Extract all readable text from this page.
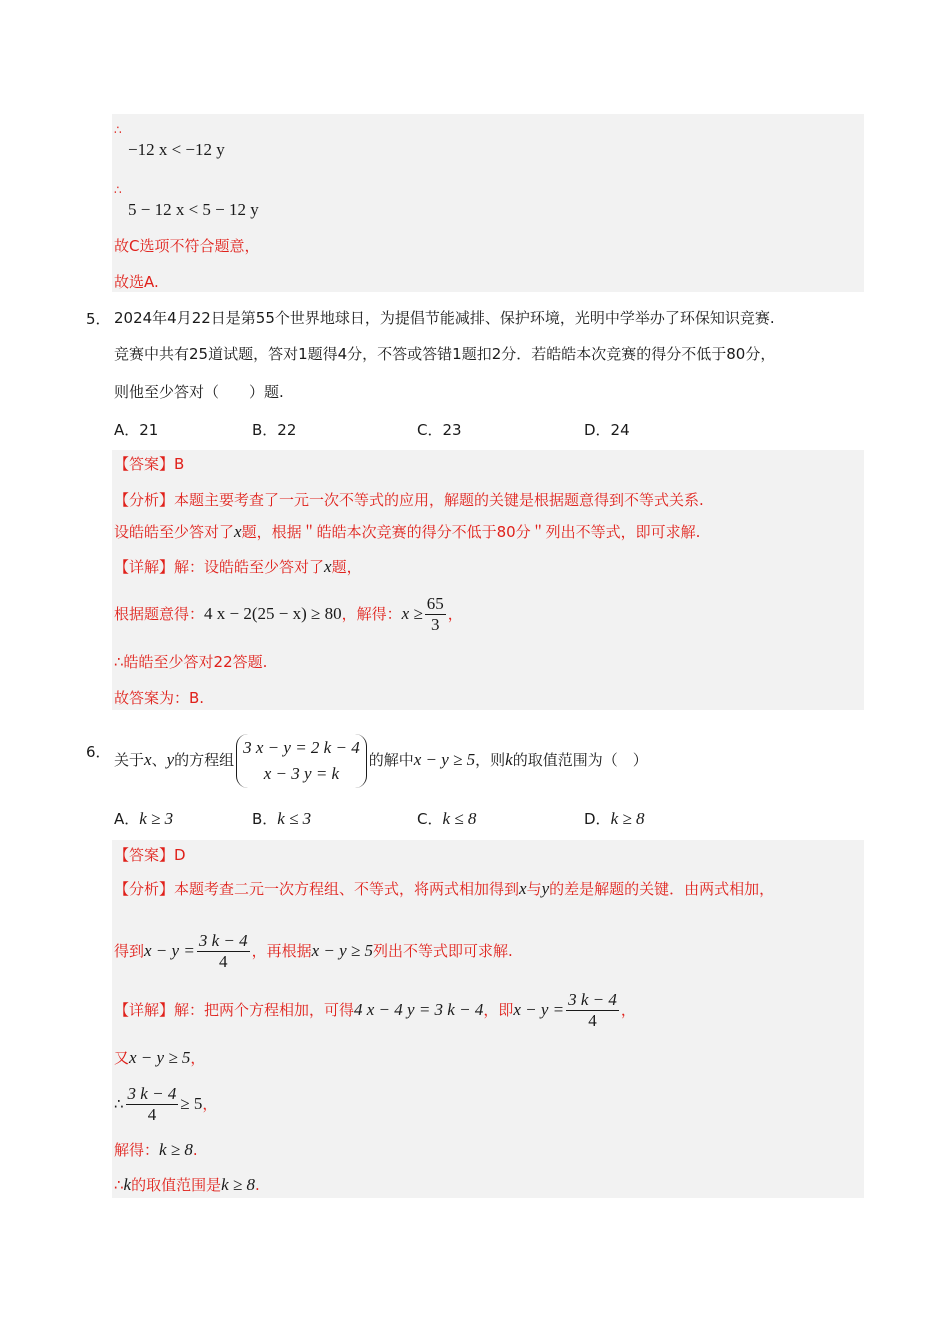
∴
−12 x < −12 y
∴
5 − 12 x < 5 − 12 y
故C选项不符合题意，
故选A.
5． 2024年4月22日是第55个世界地球日，为提倡节能减排、保护环境，光明中学举办了环保知识竞赛.
竞赛中共有25道试题，答对1题得4分，不答或答错1题扣2分．若皓皓本次竞赛的得分不低于80分，
则他至少答对（　　）题.
A．21	B．22	C．23	D．24
【答案】B
【分析】本题主要考查了一元一次不等式的应用，解题的关键是根据题意得到不等式关系.
设皓皓至少答对了x题，根据＂皓皓本次竞赛的得分不低于80分＂列出不等式，即可求解.
【详解】解：设皓皓至少答对了x题，
根据题意得：4 x − 2(25 − x) ≥ 80，解得：$x \ge \frac{65}{3}$ ，
∴皓皓至少答对22答题.
故答案为：B.
6． 关于x、y的方程组
3 x − y = 2 k − 4
x − 3 y = k
的解中x − y ≥ 5，则k的取值范围为（　）
A．k ≥ 3	B．k ≤ 3	C．k ≤ 8	D．k ≥ 8
【答案】D
【分析】本题考查二元一次方程组、不等式，将两式相加得到x与y的差是解题的关键．由两式相加，
得到$x - y = \frac{3 k - 4}{4}$ ，再根据x − y ≥ 5列出不等式即可求解.
【详解】解：把两个方程相加，可得4 x − 4 y = 3 k − 4，即$x - y = \frac{3 k - 4}{4}$ ，
又x − y ≥ 5，
∴ $\frac{3 k - 4}{4} \ge 5$，
解得：k ≥ 8.
∴k的取值范围是k ≥ 8.
